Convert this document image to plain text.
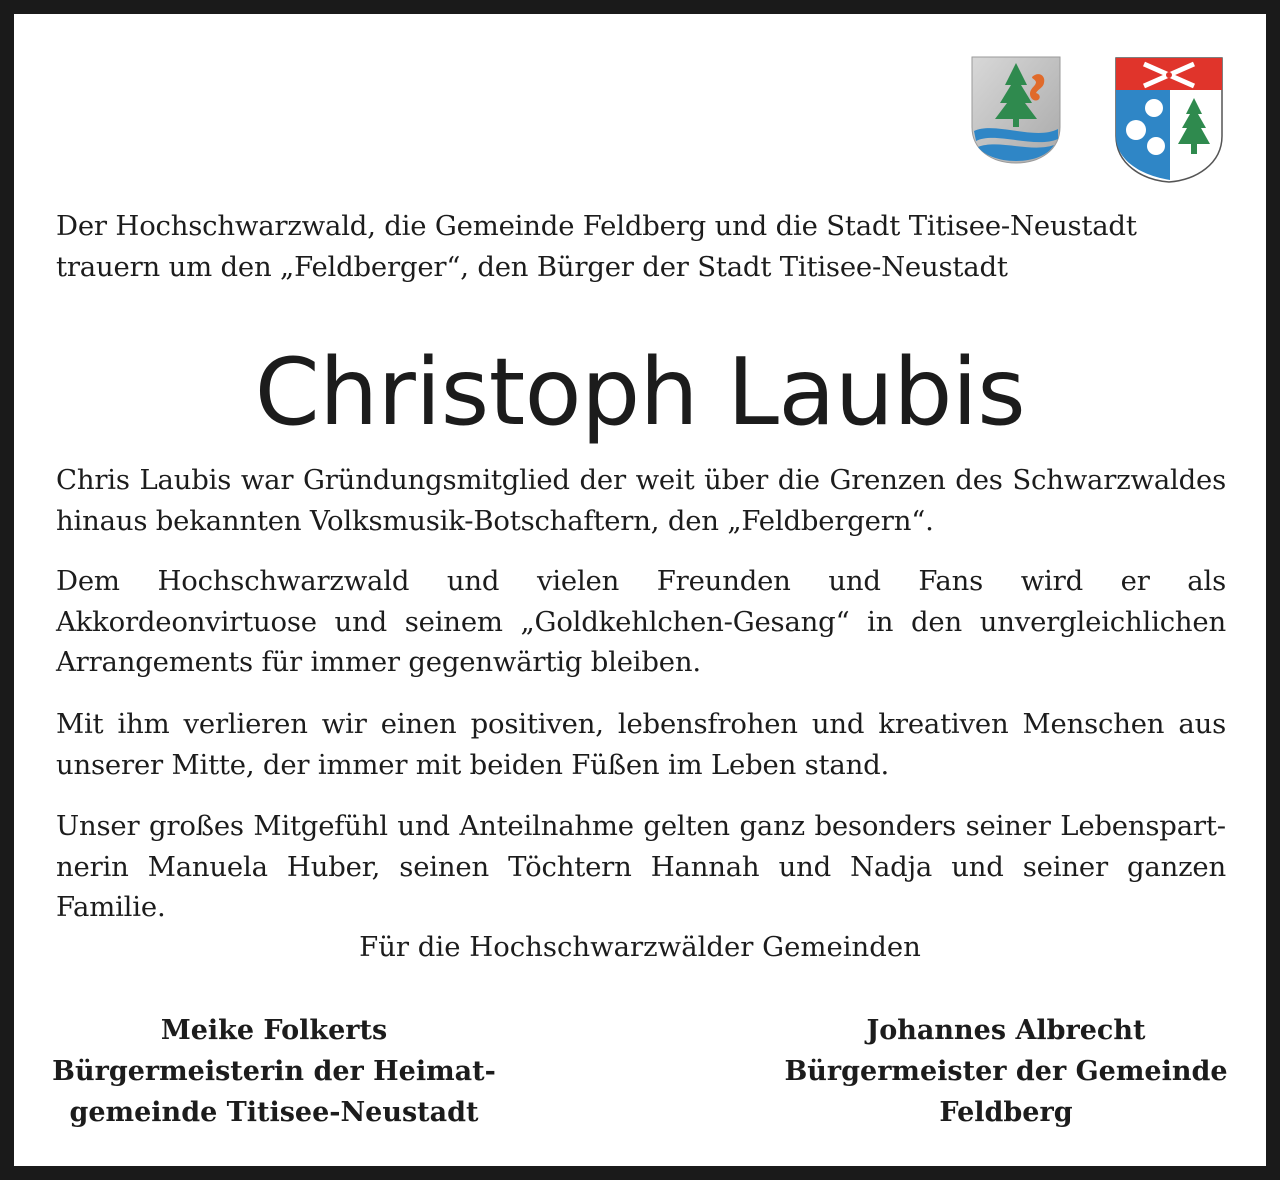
Der Hochschwarzwald, die Gemeinde Feldberg und die Stadt Titisee-Neustadt trauern um den „Feldberger“, den Bürger der Stadt Titisee-Neustadt
Christoph Laubis
Chris Laubis war Gründungsmitglied der weit über die Grenzen des Schwarzwaldes hinaus bekannten Volksmusik-Botschaftern, den „Feldbergern“.
Dem Hochschwarzwald und vielen Freunden und Fans wird er als Akkordeonvirtuose und seinem „Goldkehlchen-Gesang“ in den unvergleichlichen Arrangements für immer gegenwärtig bleiben.
Mit ihm verlieren wir einen positiven, lebensfrohen und kreativen Menschen aus unserer Mitte, der immer mit beiden Füßen im Leben stand.
Unser großes Mitgefühl und Anteilnahme gelten ganz besonders seiner Lebenspartnerin Manuela Huber, seinen Töchtern Hannah und Nadja und seiner ganzen Familie.
Für die Hochschwarzwälder Gemeinden
Meike Folkerts
Bürgermeisterin der Heimat-
gemeinde Titisee-Neustadt
Johannes Albrecht
Bürgermeister der Gemeinde
Feldberg
